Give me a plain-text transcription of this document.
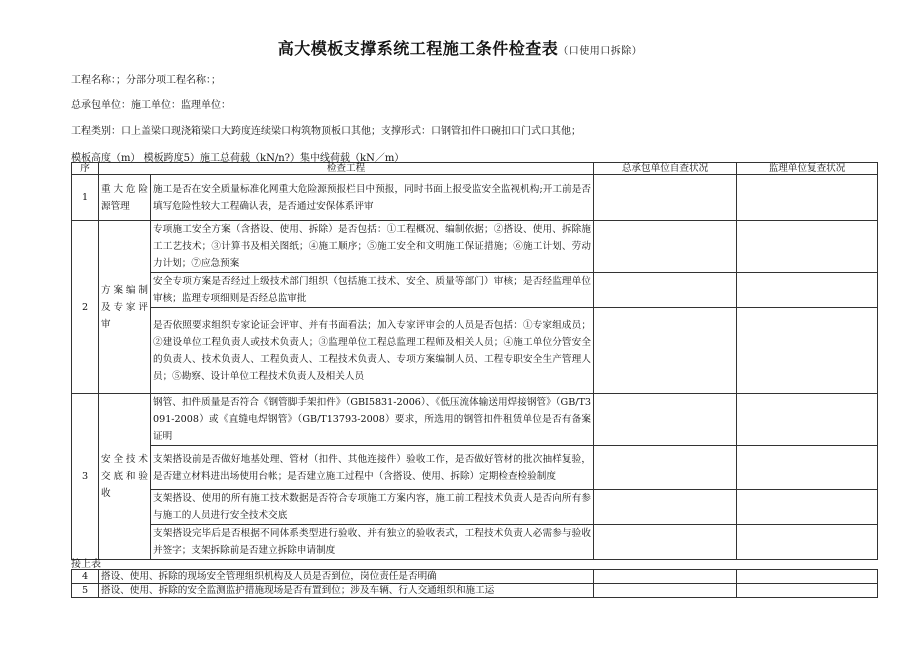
高大模板支撑系统工程施工条件检查表（口使用口拆除）
工程名称：；分部分项工程名称：；
总承包单位：施工单位：监理单位：
工程类别：口上盖梁口现浇箱梁口大跨度连续梁口构筑物顶板口其他；支撑形式：口钢管扣件口碗扣口门式口其他；
模板高度（m） 模板跨度5）施工总荷载（kN/n?）集中线荷载（kN／m）
序	检查工程		总承包单位自查状况	监理单位复查状况
1	重大危险源管理	施工是否在安全质量标准化网重大危险源预报栏目中预报，同时书面上报受监安全监视机构;开工前是否填写危险性较大工程确认表，是否通过安保体系评审		
2	方案编制及专家评审	专项施工安全方案（含搭设、使用、拆除）是否包括：①工程概况、编制依据；②搭设、使用、拆除施工工艺技术；③计算书及相关图纸；④施工顺序；⑤施工安全和文明施工保证措施；⑥施工计划、劳动力计划；⑦应急预案		
		安全专项方案是否经过上级技术部门组织（包括施工技术、安全、质量等部门）审核；是否经监理单位审核；监理专项细则是否经总监审批		
		是否依照要求组织专家论证会评审、并有书面看法；加入专家评审会的人员是否包括：①专家组成员；②建设单位工程负责人或技术负责人；③监理单位工程总监理工程师及相关人员；④施工单位分管安全的负责人、技术负责人、工程负责人、工程技术负责人、专项方案编制人员、工程专职安全生产管理人员；⑤勘察、设计单位工程技术负责人及相关人员		
3	安全技术交底和验收	钢管、扣件质量是否符合《钢管脚手架扣件》（GBI5831-2006）、《低压流体输送用焊接钢管》（GB/T3091-2008）或《直缝电焊钢管》（GB/T13793-2008）要求，所选用的钢管扣件租赁单位是否有备案证明		
		支架搭设前是否做好地基处理、管材（扣件、其他连接件）验收工作，是否做好管材的批次抽样复验，是否建立材料进出场使用台帐；是否建立施工过程中（含搭设、使用、拆除）定期检查检验制度		
		支架搭设、使用的所有施工技术数据是否符合专项施工方案内容，施工前工程技术负责人是否向所有参与施工的人员进行安全技术交底		
		支架搭设完毕后是否根据不同体系类型进行验收、并有独立的验收表式，工程技术负责人必需参与验收并签字；支架拆除前是否建立拆除申请制度		
接上表
4	搭设、使用、拆除的现场安全管理组织机构及人员是否到位，岗位责任是否明确		
5	搭设、使用、拆除的安全监测监护措施现场是否有置到位；涉及车辆、行人交通组织和施工运		
